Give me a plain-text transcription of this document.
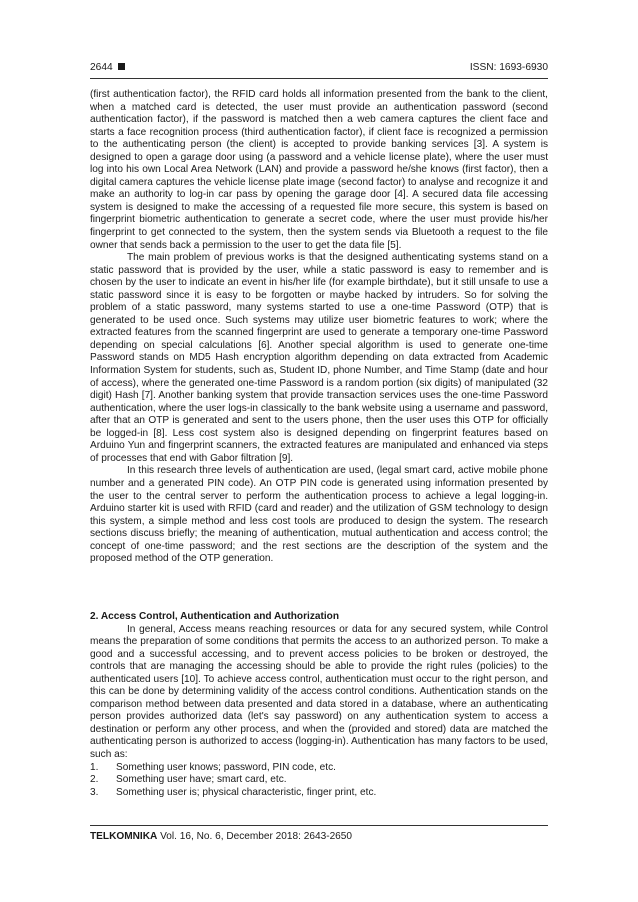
2644	ISSN: 1693-6930

(first authentication factor), the RFID card holds all information presented from the bank to the client, when a matched card is detected, the user must provide an authentication password (second authentication factor), if the password is matched then a web camera captures the client face and starts a face recognition process (third authentication factor), if client face is recognized a permission to the authenticating person (the client) is accepted to provide banking services [3]. A system is designed to open a garage door using (a password and a vehicle license plate), where the user must log into his own Local Area Network (LAN) and provide a password he/she knows (first factor), then a digital camera captures the vehicle license plate image (second factor) to analyse and recognize it and make an authority to log-in car pass by opening the garage door [4]. A secured data file accessing system is designed to make the accessing of a requested file more secure, this system is based on fingerprint biometric authentication to generate a secret code, where the user must provide his/her fingerprint to get connected to the system, then the system sends via Bluetooth a request to the file owner that sends back a permission to the user to get the data file [5].

The main problem of previous works is that the designed authenticating systems stand on a static password that is provided by the user, while a static password is easy to remember and is chosen by the user to indicate an event in his/her life (for example birthdate), but it still unsafe to use a static password since it is easy to be forgotten or maybe hacked by intruders. So for solving the problem of a static password, many systems started to use a one-time Password (OTP) that is generated to be used once. Such systems may utilize user biometric features to work; where the extracted features from the scanned fingerprint are used to generate a temporary one-time Password depending on special calculations [6]. Another special algorithm is used to generate one-time Password stands on MD5 Hash encryption algorithm depending on data extracted from Academic Information System for students, such as, Student ID, phone Number, and Time Stamp (date and hour of access), where the generated one-time Password is a random portion (six digits) of manipulated (32 digit) Hash [7]. Another banking system that provide transaction services uses the one-time Password authentication, where the user logs-in classically to the bank website using a username and password, after that an OTP is generated and sent to the users phone, then the user uses this OTP for officially be logged-in [8]. Less cost system also is designed depending on fingerprint features based on Arduino Yun and fingerprint scanners, the extracted features are manipulated and enhanced via steps of processes that end with Gabor filtration [9].

In this research three levels of authentication are used, (legal smart card, active mobile phone number and a generated PIN code). An OTP PIN code is generated using information presented by the user to the central server to perform the authentication process to achieve a legal logging-in. Arduino starter kit is used with RFID (card and reader) and the utilization of GSM technology to design this system, a simple method and less cost tools are produced to design the system. The research sections discuss briefly; the meaning of authentication, mutual authentication and access control; the concept of one-time password; and the rest sections are the description of the system and the proposed method of the OTP generation.

2. Access Control, Authentication and Authorization

In general, Access means reaching resources or data for any secured system, while Control means the preparation of some conditions that permits the access to an authorized person. To make a good and a successful accessing, and to prevent access policies to be broken or destroyed, the controls that are managing the accessing should be able to provide the right rules (policies) to the authenticated users [10]. To achieve access control, authentication must occur to the right person, and this can be done by determining validity of the access control conditions. Authentication stands on the comparison method between data presented and data stored in a database, where an authenticating person provides authorized data (let's say password) on any authentication system to access a destination or perform any other process, and when the (provided and stored) data are matched the authenticating person is authorized to access (logging-in). Authentication has many factors to be used, such as:

1. Something user knows; password, PIN code, etc.
2. Something user have; smart card, etc.
3. Something user is; physical characteristic, finger print, etc.
TELKOMNIKA Vol. 16, No. 6, December 2018: 2643-2650
